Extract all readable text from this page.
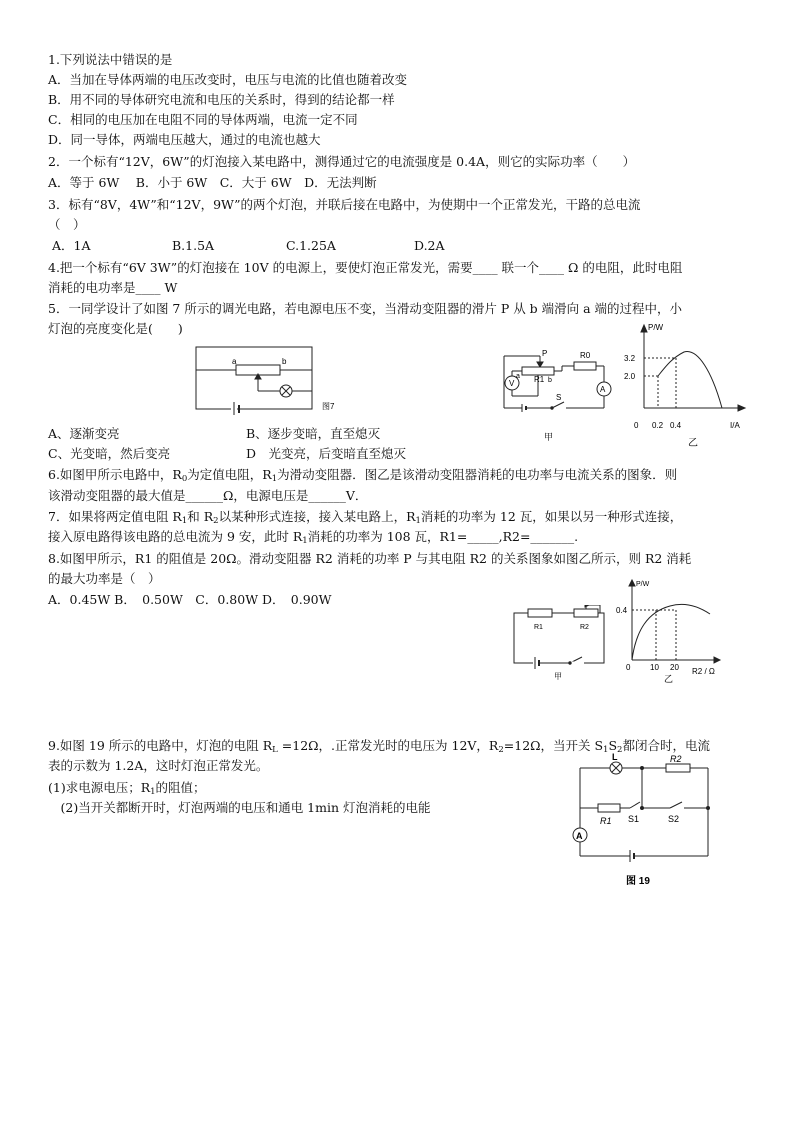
1.下列说法中错误的是
A．当加在导体两端的电压改变时，电压与电流的比值也随着改变
B．用不同的导体研究电流和电压的关系时，得到的结论都一样
C．相同的电压加在电阻不同的导体两端，电流一定不同
D．同一导体，两端电压越大，通过的电流也越大
2．一个标有“12V，6W”的灯泡接入某电路中，测得通过它的电流强度是 0.4A，则它的实际功率（　　）
A．等于 6W　 B．小于 6W　C．大于 6W　D．无法判断
3．标有“8V，4W”和“12V，9W”的两个灯泡，并联后接在电路中，为使期中一个正常发光，干路的总电流
（　）
A．1A	B.1.5A	C.1.25A	D.2A
4.把一个标有“6V 3W”的灯泡接在 10V 的电源上，要使灯泡正常发光，需要____ 联一个____ Ω 的电阻，此时电阻
消耗的电功率是____ W
5．一同学设计了如图 7 所示的调光电路，若电源电压不变，当滑动变阻器的滑片 P 从 b 端滑向 a 端的过程中，小
灯泡的亮度变化是(　　)
a	b
图7
A、逐渐变亮	B、逐步变暗，直至熄灭
C、光变暗，然后变亮	D　光变亮，后变暗直至熄灭
P	R0
R1
a
b
V
A
S
甲
P/W
3.2
2.0
0 0.2 0.4	I/A
乙
6.如图甲所示电路中，$R_0$为定值电阻，$R_1$为滑动变阻器．图乙是该滑动变阻器消耗的电功率与电流关系的图象．则
该滑动变阻器的最大值是______Ω，电源电压是______V．
7．如果将两定值电阻 $R_1$和 $R_2$以某种形式连接，接入某电路上，$R_1$消耗的功率为 12 瓦，如果以另一种形式连接，
接入原电路得该电路的总电流为 9 安，此时 $R_1$消耗的功率为 108 瓦，R1=_____,R2=_______.
8.如图甲所示，R1 的阻值是 20Ω。滑动变阻器 R2 消耗的功率 P 与其电阻 R2 的关系图象如图乙所示，则 R2 消耗
的最大功率是（　）
A．0.45W B．　0.50W　C．0.80W D．　0.90W
R1	R2
甲
P/W
0.4
0 10 20 R2 / Ω
乙
9.如图 19 所示的电路中，灯泡的电阻 $R_L =12\Omega$，.正常发光时的电压为 12V，$R_2=12\Omega$，当开关 $S_1S_2$都闭合时，电流
表的示数为 1.2A，这时灯泡正常发光。
(1)求电源电压；$R_1$的阻值；
　(2)当开关都断开时，灯泡两端的电压和通电 1min 灯泡消耗的电能
L	R2
R1 S1	S2
A
图 19
